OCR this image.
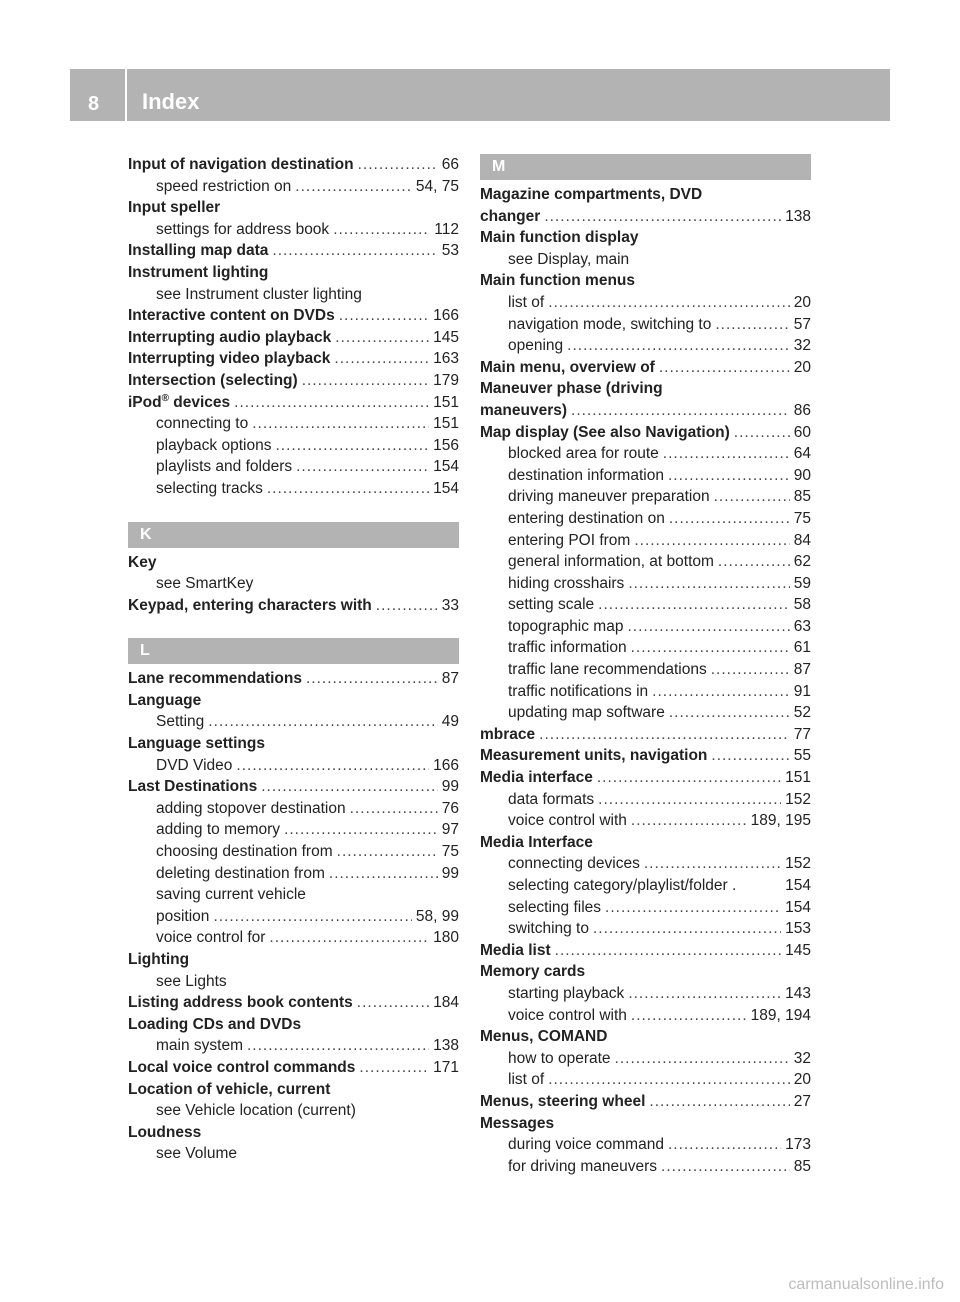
8 Index
Input of navigation destination .....	66
speed restriction on .....	54, 75
Input speller
settings for address book .....	112
Installing map data .....	53
Instrument lighting
see Instrument cluster lighting
Interactive content on DVDs .....	166
Interrupting audio playback .....	145
Interrupting video playback .....	163
Intersection (selecting) .....	179
iPod® devices .....	151
connecting to .....	151
playback options .....	156
playlists and folders .....	154
selecting tracks .....	154
K
Key
see SmartKey
Keypad, entering characters with .....	33
L
Lane recommendations .....	87
Language
Setting .....	49
Language settings
DVD Video .....	166
Last Destinations .....	99
adding stopover destination .....	76
adding to memory .....	97
choosing destination from .....	75
deleting destination from .....	99
saving current vehicle
position .....	58, 99
voice control for .....	180
Lighting
see Lights
Listing address book contents .....	184
Loading CDs and DVDs
main system .....	138
Local voice control commands .....	171
Location of vehicle, current
see Vehicle location (current)
Loudness
see Volume
M
Magazine compartments, DVD
changer .....	138
Main function display
see Display, main
Main function menus
list of .....	20
navigation mode, switching to .....	57
opening .....	32
Main menu, overview of .....	20
Maneuver phase (driving
maneuvers) .....	86
Map display (See also Navigation) .....	60
blocked area for route .....	64
destination information .....	90
driving maneuver preparation .....	85
entering destination on .....	75
entering POI from .....	84
general information, at bottom .....	62
hiding crosshairs .....	59
setting scale .....	58
topographic map .....	63
traffic information .....	61
traffic lane recommendations .....	87
traffic notifications in .....	91
updating map software .....	52
mbrace .....	77
Measurement units, navigation .....	55
Media interface .....	151
data formats .....	152
voice control with .....	189, 195
Media Interface
connecting devices .....	152
selecting category/playlist/folder .	154
selecting files .....	154
switching to .....	153
Media list .....	145
Memory cards
starting playback .....	143
voice control with .....	189, 194
Menus, COMAND
how to operate .....	32
list of .....	20
Menus, steering wheel .....	27
Messages
during voice command .....	173
for driving maneuvers .....	85
carmanualsonline.info
